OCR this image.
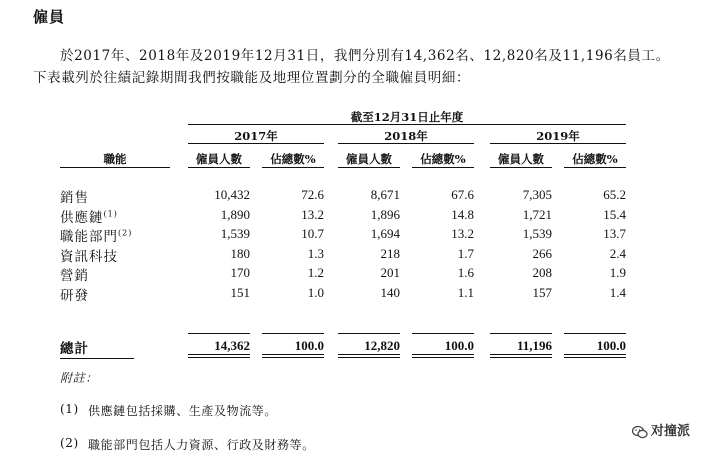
僱員
於2017年、2018年及2019年12月31日，我們分別有14,362名、12,820名及11,196名員工。
下表載列於往績記錄期間我們按職能及地理位置劃分的全職僱員明細：
截至12月31日止年度
2017年	2018年	2019年
職能	僱員人數	佔總數%	僱員人數	佔總數%	僱員人數	佔總數%
銷售	10,432	72.6	8,671	67.6	7,305	65.2
供應鏈$^{(1)}$	1,890	13.2	1,896	14.8	1,721	15.4
職能部門$^{(2)}$	1,539	10.7	1,694	13.2	1,539	13.7
資訊科技	180	1.3	218	1.7	266	2.4
營銷	170	1.2	201	1.6	208	1.9
研發	151	1.0	140	1.1	157	1.4
總計	14,362	100.0	12,820	100.0	11,196	100.0
附註：
(1) 供應鏈包括採購、生產及物流等。
(2) 職能部門包括人力資源、行政及財務等。
对撞派
